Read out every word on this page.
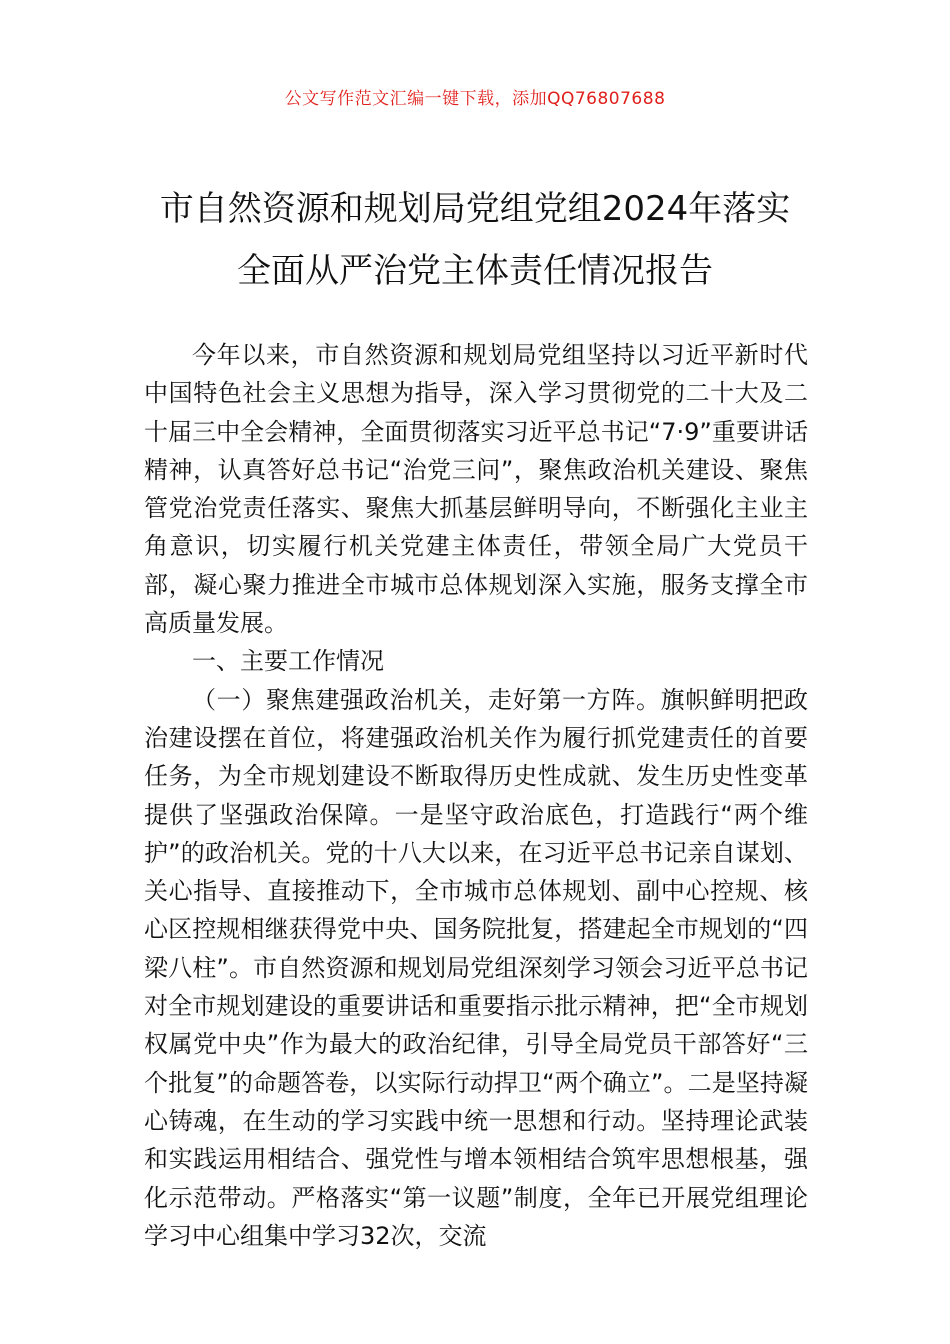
公文写作范文汇编一键下载，添加QQ76807688
市自然资源和规划局党组党组2024年落实
全面从严治党主体责任情况报告

今年以来，市自然资源和规划局党组坚持以习近平新时代中国特色社会主义思想为指导，深入学习贯彻党的二十大及二十届三中全会精神，全面贯彻落实习近平总书记“7·9”重要讲话精神，认真答好总书记“治党三问”，聚焦政治机关建设、聚焦管党治党责任落实、聚焦大抓基层鲜明导向，不断强化主业主角意识，切实履行机关党建主体责任，带领全局广大党员干部，凝心聚力推进全市城市总体规划深入实施，服务支撑全市高质量发展。

一、主要工作情况

（一）聚焦建强政治机关，走好第一方阵。旗帜鲜明把政治建设摆在首位，将建强政治机关作为履行抓党建责任的首要任务，为全市规划建设不断取得历史性成就、发生历史性变革提供了坚强政治保障。一是坚守政治底色，打造践行“两个维护”的政治机关。党的十八大以来，在习近平总书记亲自谋划、关心指导、直接推动下，全市城市总体规划、副中心控规、核心区控规相继获得党中央、国务院批复，搭建起全市规划的“四梁八柱”。市自然资源和规划局党组深刻学习领会习近平总书记对全市规划建设的重要讲话和重要指示批示精神，把“全市规划权属党中央”作为最大的政治纪律，引导全局党员干部答好“三个批复”的命题答卷，以实际行动捍卫“两个确立”。二是坚持凝心铸魂，在生动的学习实践中统一思想和行动。坚持理论武装和实践运用相结合、强党性与增本领相结合筑牢思想根基，强化示范带动。严格落实“第一议题”制度，全年已开展党组理论学习中心组集中学习32次，交流
